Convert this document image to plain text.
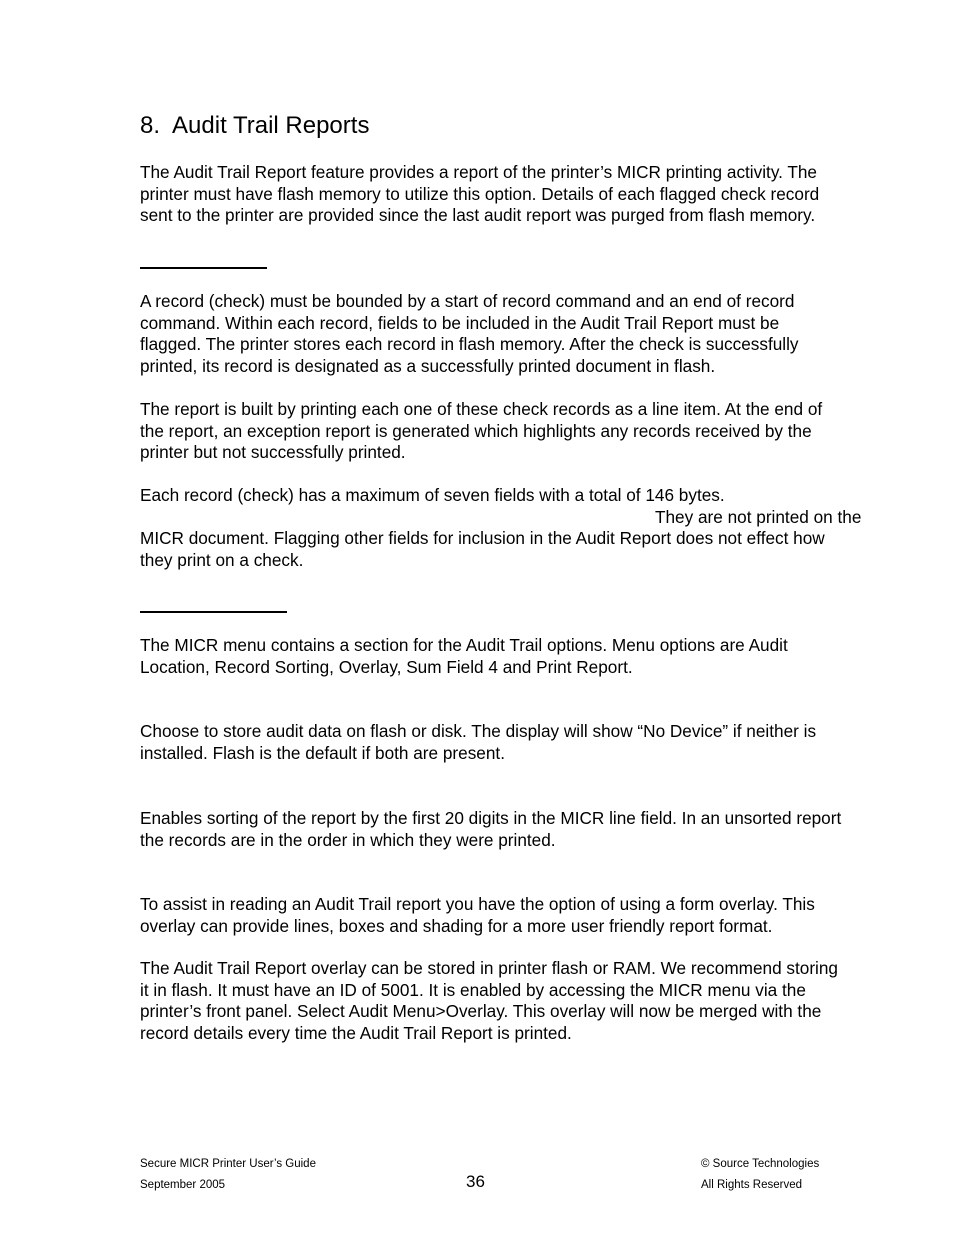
8.  Audit Trail Reports

The Audit Trail Report feature provides a report of the printer’s MICR printing activity. The
printer must have flash memory to utilize this option. Details of each flagged check record
sent to the printer are provided since the last audit report was purged from flash memory.

A record (check) must be bounded by a start of record command and an end of record
command. Within each record, fields to be included in the Audit Trail Report must be
flagged. The printer stores each record in flash memory. After the check is successfully
printed, its record is designated as a successfully printed document in flash.

The report is built by printing each one of these check records as a line item. At the end of
the report, an exception report is generated which highlights any records received by the
printer but not successfully printed.

Each record (check) has a maximum of seven fields with a total of 146 bytes.
They are not printed on the
MICR document. Flagging other fields for inclusion in the Audit Report does not effect how
they print on a check.

The MICR menu contains a section for the Audit Trail options. Menu options are Audit
Location, Record Sorting, Overlay, Sum Field 4 and Print Report.

Choose to store audit data on flash or disk. The display will show “No Device” if neither is
installed. Flash is the default if both are present.

Enables sorting of the report by the first 20 digits in the MICR line field. In an unsorted report
the records are in the order in which they were printed.

To assist in reading an Audit Trail report you have the option of using a form overlay. This
overlay can provide lines, boxes and shading for a more user friendly report format.

The Audit Trail Report overlay can be stored in printer flash or RAM. We recommend storing
it in flash. It must have an ID of 5001. It is enabled by accessing the MICR menu via the
printer’s front panel. Select Audit Menu>Overlay. This overlay will now be merged with the
record details every time the Audit Trail Report is printed.

Secure MICR Printer User’s Guide
September 2005	36
© Source Technologies
All Rights Reserved
